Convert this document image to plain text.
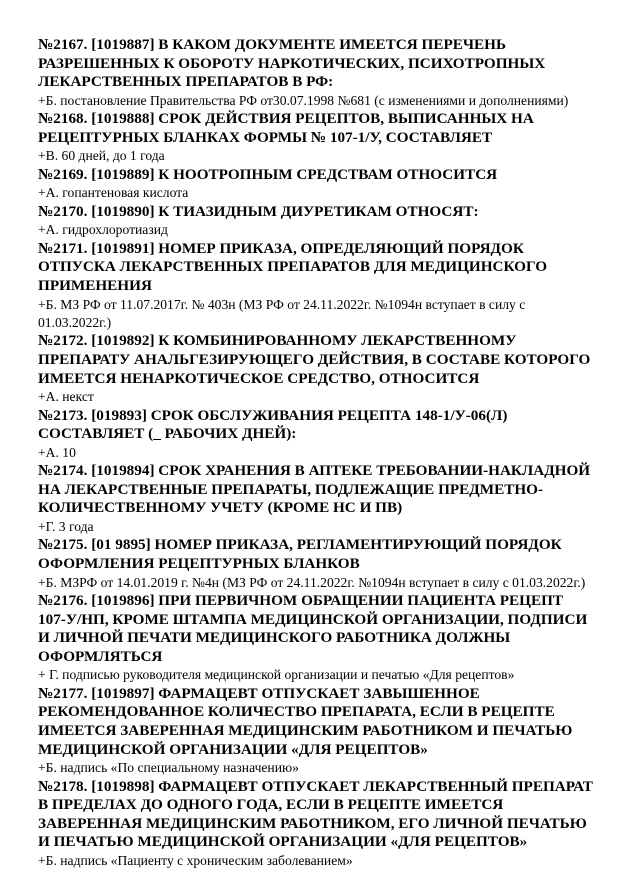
№2167. [1019887] В КАКОМ ДОКУМЕНТЕ ИМЕЕТСЯ ПЕРЕЧЕНЬ РАЗРЕШЕННЫХ К ОБОРОТУ НАРКОТИЧЕСКИХ, ПСИХОТРОПНЫХ ЛЕКАРСТВЕННЫХ ПРЕПАРАТОВ В РФ:

+Б. постановление Правительства РФ от30.07.1998 №681 (с изменениями и дополнениями)

№2168. [1019888] СРОК ДЕЙСТВИЯ РЕЦЕПТОВ, ВЫПИСАННЫХ НА РЕЦЕПТУРНЫХ БЛАНКАХ ФОРМЫ № 107-1/У, СОСТАВЛЯЕТ

+В. 60 дней, до 1 года

№2169. [1019889] К НООТРОПНЫМ СРЕДСТВАМ ОТНОСИТСЯ

+А. гопантеновая кислота

№2170. [1019890] К ТИАЗИДНЫМ ДИУРЕТИКАМ ОТНОСЯТ:

+А. гидрохлоротиазид

№2171. [1019891] НОМЕР ПРИКАЗА, ОПРЕДЕЛЯЮЩИЙ ПОРЯДОК ОТПУСКА ЛЕКАРСТВЕННЫХ ПРЕПАРАТОВ ДЛЯ МЕДИЦИНСКОГО ПРИМЕНЕНИЯ

+Б. МЗ РФ от 11.07.2017г. № 403н (МЗ РФ от 24.11.2022г. №1094н вступает в силу с 01.03.2022г.)

№2172. [1019892] К КОМБИНИРОВАННОМУ ЛЕКАРСТВЕННОМУ ПРЕПАРАТУ АНАЛЬГЕЗИРУЮЩЕГО ДЕЙСТВИЯ, В СОСТАВЕ КОТОРОГО ИМЕЕТСЯ НЕНАРКОТИЧЕСКОЕ СРЕДСТВО, ОТНОСИТСЯ

+А. некст

№2173. [019893] СРОК ОБСЛУЖИВАНИЯ РЕЦЕПТА 148-1/У-06(Л) СОСТАВЛЯЕТ (_ РАБОЧИХ ДНЕЙ):

+А. 10

№2174. [1019894] СРОК ХРАНЕНИЯ В АПТЕКЕ ТРЕБОВАНИИ-НАКЛАДНОЙ НА ЛЕКАРСТВЕННЫЕ ПРЕПАРАТЫ, ПОДЛЕЖАЩИЕ ПРЕДМЕТНО-КОЛИЧЕСТВЕННОМУ УЧЕТУ (КРОМЕ НС И ПВ)

+Г. 3 года

№2175. [01 9895] НОМЕР ПРИКАЗА, РЕГЛАМЕНТИРУЮЩИЙ ПОРЯДОК ОФОРМЛЕНИЯ РЕЦЕПТУРНЫХ БЛАНКОВ

+Б. МЗРФ от 14.01.2019 г. №4н (МЗ РФ от 24.11.2022г. №1094н вступает в силу с 01.03.2022г.)

№2176. [1019896] ПРИ ПЕРВИЧНОМ ОБРАЩЕНИИ ПАЦИЕНТА РЕЦЕПТ 107-У/НП, КРОМЕ ШТАМПА МЕДИЦИНСКОЙ ОРГАНИЗАЦИИ, ПОДПИСИ И ЛИЧНОЙ ПЕЧАТИ МЕДИЦИНСКОГО РАБОТНИКА ДОЛЖНЫ ОФОРМЛЯТЬСЯ

+ Г. подписью руководителя медицинской организации и печатью «Для рецептов»

№2177. [1019897] ФАРМАЦЕВТ ОТПУСКАЕТ ЗАВЫШЕННОЕ РЕКОМЕНДОВАННОЕ КОЛИЧЕСТВО ПРЕПАРАТА, ЕСЛИ В РЕЦЕПТЕ ИМЕЕТСЯ ЗАВЕРЕННАЯ МЕДИЦИНСКИМ РАБОТНИКОМ И ПЕЧАТЬЮ МЕДИЦИНСКОЙ ОРГАНИЗАЦИИ «ДЛЯ РЕЦЕПТОВ»

+Б. надпись «По специальному назначению»

№2178. [1019898] ФАРМАЦЕВТ ОТПУСКАЕТ ЛЕКАРСТВЕННЫЙ ПРЕПАРАТ В ПРЕДЕЛАХ ДО ОДНОГО ГОДА, ЕСЛИ В РЕЦЕПТЕ ИМЕЕТСЯ ЗАВЕРЕННАЯ МЕДИЦИНСКИМ РАБОТНИКОМ, ЕГО ЛИЧНОЙ ПЕЧАТЬЮ И ПЕЧАТЬЮ МЕДИЦИНСКОЙ ОРГАНИЗАЦИИ «ДЛЯ РЕЦЕПТОВ»

+Б. надпись «Пациенту с хроническим заболеванием»
